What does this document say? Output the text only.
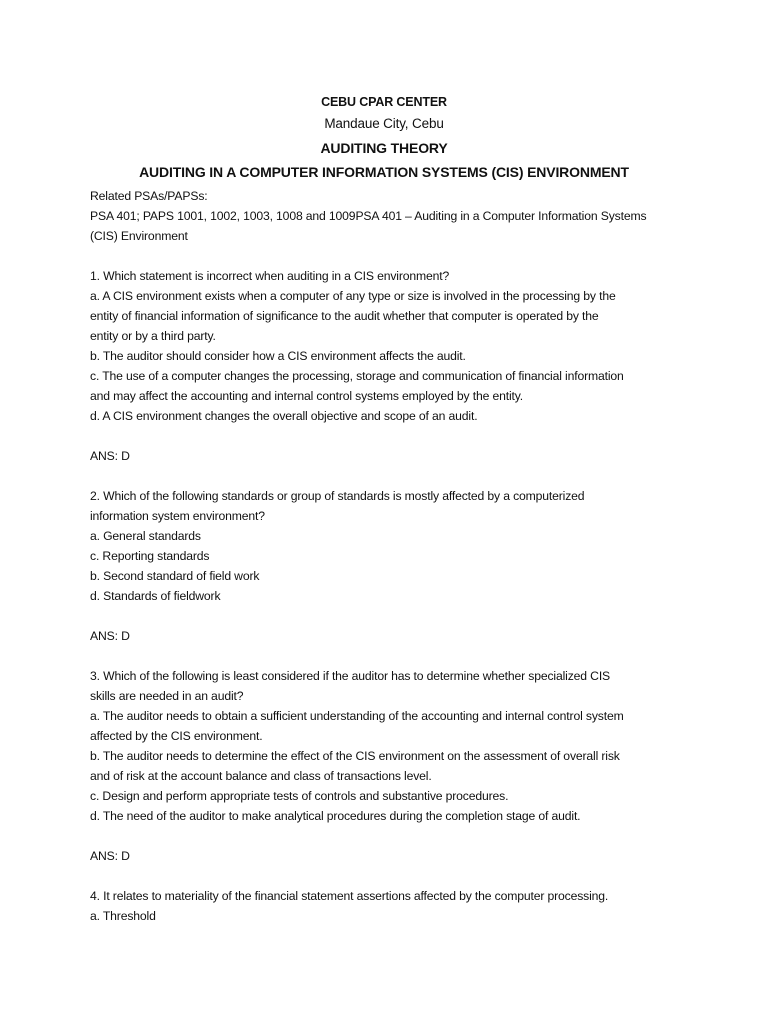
CEBU CPAR CENTER
Mandaue City, Cebu
AUDITING THEORY
AUDITING IN A COMPUTER INFORMATION SYSTEMS (CIS) ENVIRONMENT
Related PSAs/PAPSs:
PSA 401; PAPS 1001, 1002, 1003, 1008 and 1009PSA 401 – Auditing in a Computer Information Systems
(CIS) Environment
1. Which statement is incorrect when auditing in a CIS environment?
a. A CIS environment exists when a computer of any type or size is involved in the processing by the
entity of financial information of significance to the audit whether that computer is operated by the
entity or by a third party.
b. The auditor should consider how a CIS environment affects the audit.
c. The use of a computer changes the processing, storage and communication of financial information
and may affect the accounting and internal control systems employed by the entity.
d. A CIS environment changes the overall objective and scope of an audit.
ANS: D
2. Which of the following standards or group of standards is mostly affected by a computerized
information system environment?
a. General standards
c. Reporting standards
b. Second standard of field work
d. Standards of fieldwork
ANS: D
3. Which of the following is least considered if the auditor has to determine whether specialized CIS
skills are needed in an audit?
a. The auditor needs to obtain a sufficient understanding of the accounting and internal control system
affected by the CIS environment.
b. The auditor needs to determine the effect of the CIS environment on the assessment of overall risk
and of risk at the account balance and class of transactions level.
c. Design and perform appropriate tests of controls and substantive procedures.
d. The need of the auditor to make analytical procedures during the completion stage of audit.
ANS: D
4. It relates to materiality of the financial statement assertions affected by the computer processing.
a. Threshold
